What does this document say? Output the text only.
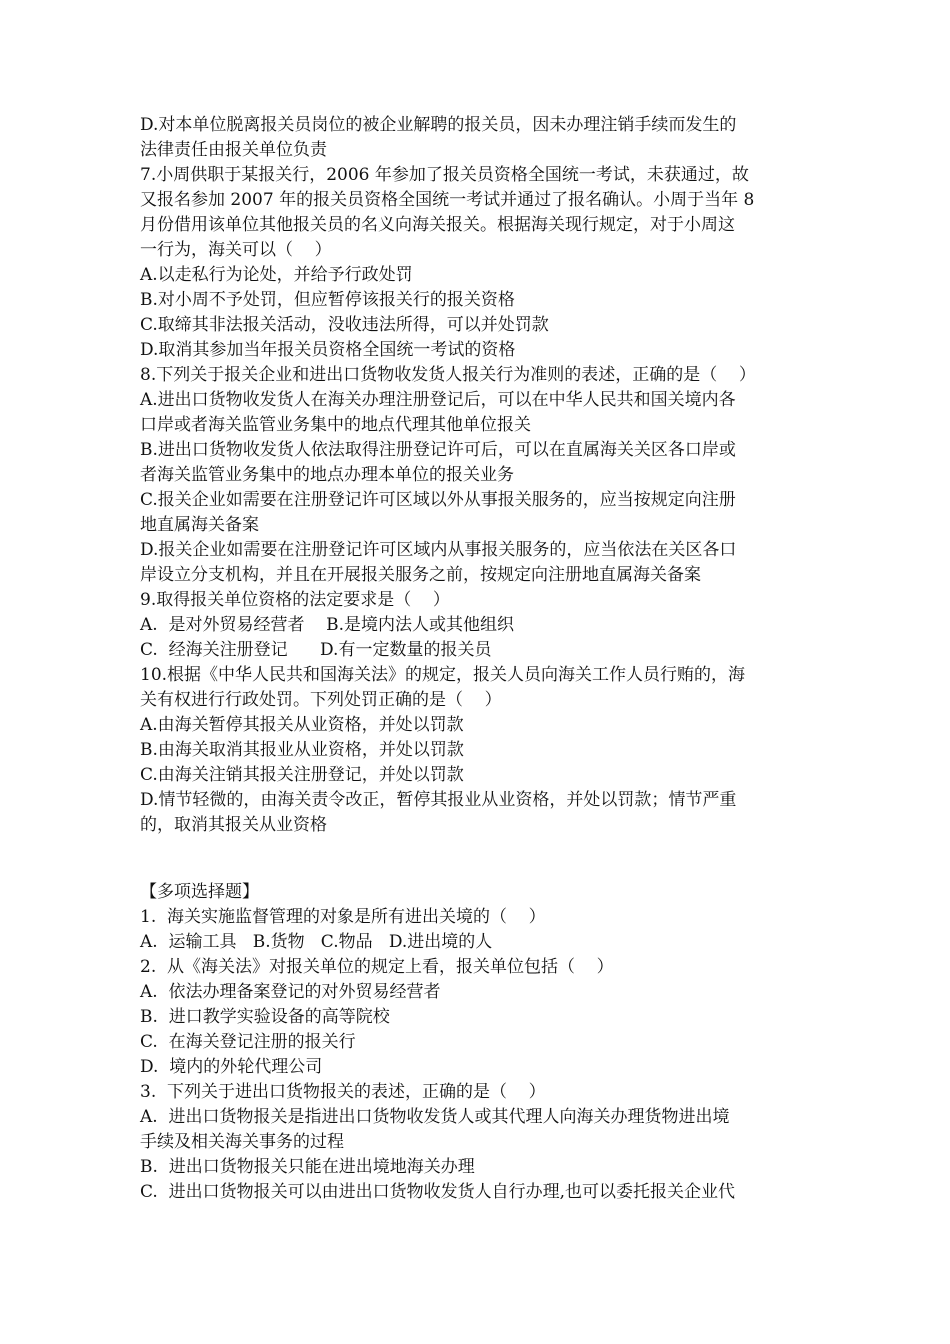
D.对本单位脱离报关员岗位的被企业解聘的报关员，因未办理注销手续而发生的
法律责任由报关单位负责
7.小周供职于某报关行，2006 年参加了报关员资格全国统一考试，未获通过，故
又报名参加 2007 年的报关员资格全国统一考试并通过了报名确认。小周于当年 8
月份借用该单位其他报关员的名义向海关报关。根据海关现行规定，对于小周这
一行为，海关可以（    ）
A.以走私行为论处，并给予行政处罚
B.对小周不予处罚，但应暂停该报关行的报关资格
C.取缔其非法报关活动，没收违法所得，可以并处罚款
D.取消其参加当年报关员资格全国统一考试的资格
8.下列关于报关企业和进出口货物收发货人报关行为准则的表述，正确的是（    ）
A.进出口货物收发货人在海关办理注册登记后，可以在中华人民共和国关境内各
口岸或者海关监管业务集中的地点代理其他单位报关
B.进出口货物收发货人依法取得注册登记许可后，可以在直属海关关区各口岸或
者海关监管业务集中的地点办理本单位的报关业务
C.报关企业如需要在注册登记许可区域以外从事报关服务的，应当按规定向注册
地直属海关备案
D.报关企业如需要在注册登记许可区域内从事报关服务的，应当依法在关区各口
岸设立分支机构，并且在开展报关服务之前，按规定向注册地直属海关备案
9.取得报关单位资格的法定要求是（    ）
A.  是对外贸易经营者    B.是境内法人或其他组织
C.  经海关注册登记      D.有一定数量的报关员
10.根据《中华人民共和国海关法》的规定，报关人员向海关工作人员行贿的，海
关有权进行行政处罚。下列处罚正确的是（    ）
A.由海关暂停其报关从业资格，并处以罚款
B.由海关取消其报业从业资格，并处以罚款
C.由海关注销其报关注册登记，并处以罚款
D.情节轻微的，由海关责令改正，暂停其报业从业资格，并处以罚款；情节严重
的，取消其报关从业资格
【多项选择题】
1.  海关实施监督管理的对象是所有进出关境的（    ）
A.  运输工具   B.货物   C.物品   D.进出境的人
2.  从《海关法》对报关单位的规定上看，报关单位包括（    ）
A.  依法办理备案登记的对外贸易经营者
B.  进口教学实验设备的高等院校
C.  在海关登记注册的报关行
D.  境内的外轮代理公司
3.  下列关于进出口货物报关的表述，正确的是（    ）
A.  进出口货物报关是指进出口货物收发货人或其代理人向海关办理货物进出境
手续及相关海关事务的过程
B.  进出口货物报关只能在进出境地海关办理
C.  进出口货物报关可以由进出口货物收发货人自行办理,也可以委托报关企业代
